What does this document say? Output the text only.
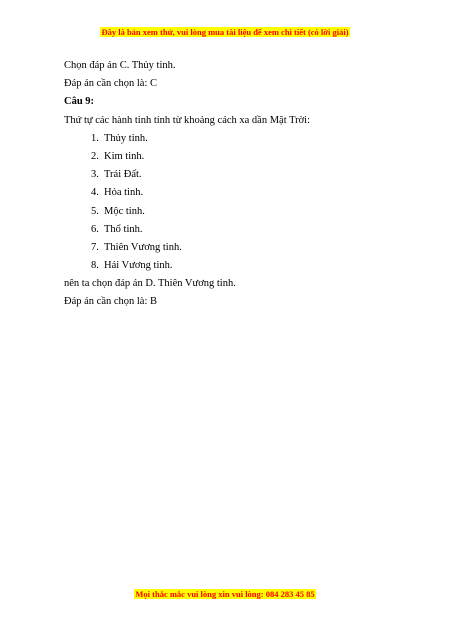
Đây là bản xem thử, vui lòng mua tài liệu để xem chi tiết (có lời giải)
Chọn đáp án C. Thủy tinh.
Đáp án cần chọn là: C
Câu 9:
Thứ tự các hành tinh tính từ khoảng cách xa dần Mặt Trời:
1. Thủy tinh.
2. Kim tinh.
3. Trái Đất.
4. Hỏa tinh.
5. Mộc tinh.
6. Thổ tinh.
7. Thiên Vương tinh.
8. Hải Vương tinh.
nên ta chọn đáp án D. Thiên Vương tinh.
Đáp án cần chọn là: B
Mọi thắc mắc vui lòng xin vui lòng: 084 283 45 85
